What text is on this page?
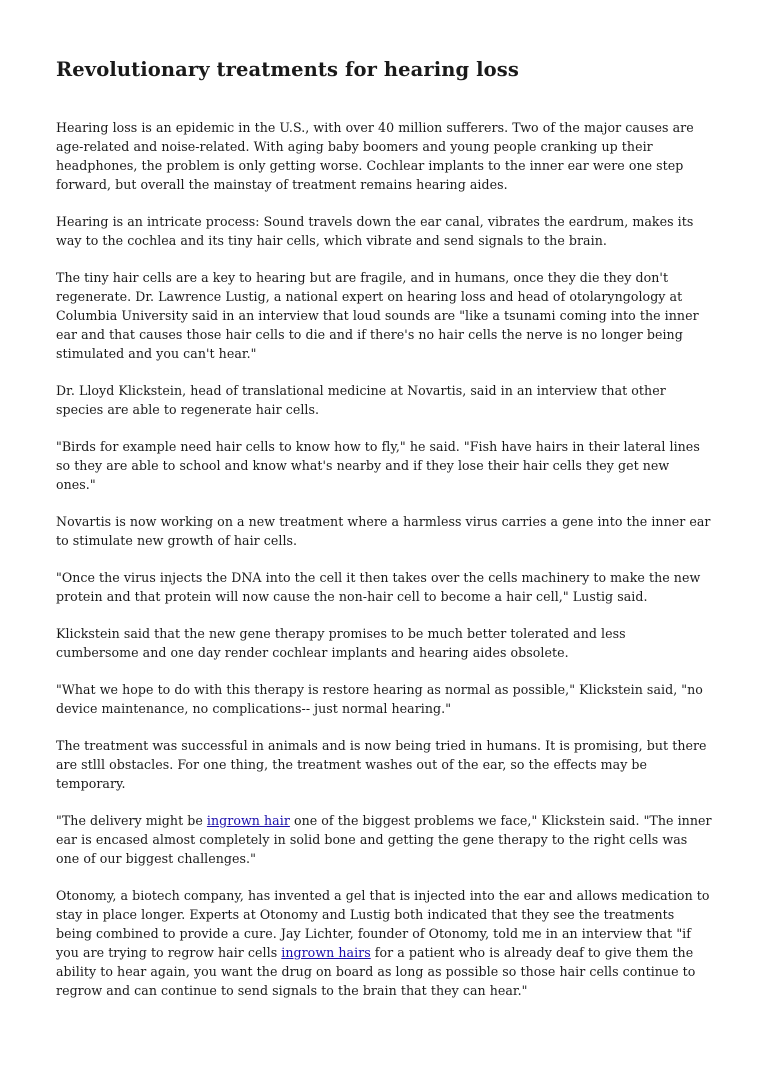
Revolutionary treatments for hearing loss

Hearing loss is an epidemic in the U.S., with over 40 million sufferers. Two of the major causes are age-related and noise-related. With aging baby boomers and young people cranking up their headphones, the problem is only getting worse. Cochlear implants to the inner ear were one step forward, but overall the mainstay of treatment remains hearing aides.

Hearing is an intricate process: Sound travels down the ear canal, vibrates the eardrum, makes its way to the cochlea and its tiny hair cells, which vibrate and send signals to the brain.

The tiny hair cells are a key to hearing but are fragile, and in humans, once they die they don't regenerate. Dr. Lawrence Lustig, a national expert on hearing loss and head of otolaryngology at Columbia University said in an interview that loud sounds are "like a tsunami coming into the inner ear and that causes those hair cells to die and if there's no hair cells the nerve is no longer being stimulated and you can't hear."

Dr. Lloyd Klickstein, head of translational medicine at Novartis, said in an interview that other species are able to regenerate hair cells.

"Birds for example need hair cells to know how to fly," he said. "Fish have hairs in their lateral lines so they are able to school and know what's nearby and if they lose their hair cells they get new ones."

Novartis is now working on a new treatment where a harmless virus carries a gene into the inner ear to stimulate new growth of hair cells.

"Once the virus injects the DNA into the cell it then takes over the cells machinery to make the new protein and that protein will now cause the non-hair cell to become a hair cell," Lustig said.

Klickstein said that the new gene therapy promises to be much better tolerated and less cumbersome and one day render cochlear implants and hearing aides obsolete.

"What we hope to do with this therapy is restore hearing as normal as possible," Klickstein said, "no device maintenance, no complications-- just normal hearing."

The treatment was successful in animals and is now being tried in humans. It is promising, but there are stlll obstacles. For one thing, the treatment washes out of the ear, so the effects may be temporary.

"The delivery might be ingrown hair one of the biggest problems we face," Klickstein said. "The inner ear is encased almost completely in solid bone and getting the gene therapy to the right cells was one of our biggest challenges."

Otonomy, a biotech company, has invented a gel that is injected into the ear and allows medication to stay in place longer. Experts at Otonomy and Lustig both indicated that they see the treatments being combined to provide a cure. Jay Lichter, founder of Otonomy, told me in an interview that "if you are trying to regrow hair cells ingrown hairs for a patient who is already deaf to give them the ability to hear again, you want the drug on board as long as possible so those hair cells continue to regrow and can continue to send signals to the brain that they can hear."
